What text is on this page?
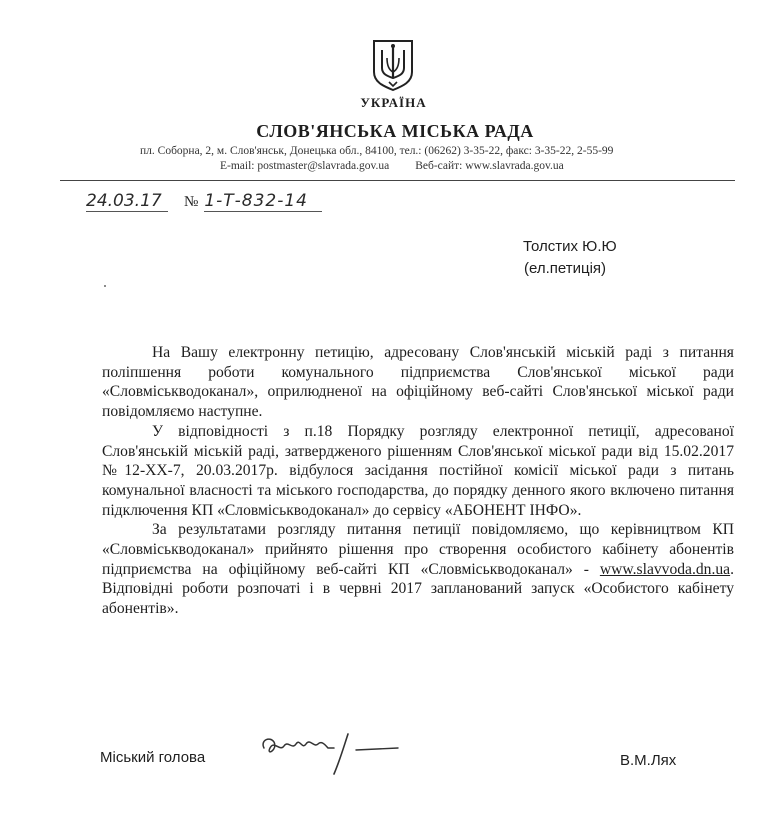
УКРАЇНА
СЛОВ'ЯНСЬКА МІСЬКА РАДА
пл. Соборна, 2, м. Слов'янськ, Донецька обл., 84100, тел.: (06262) 3-35-22, факс: 3-35-22, 2-55-99
E-mail: postmaster@slavrada.gov.ua Веб-сайт: www.slavrada.gov.ua
24.03.17 № 1-Т-832-14
Толстих Ю.Ю
(ел.петиція)

На Вашу електронну петицію, адресовану Слов'янській міській раді з питання поліпшення роботи комунального підприємства Слов'янської міської ради «Словміськводоканал», оприлюдненої на офіційному веб-сайті Слов'янської міської ради повідомляємо наступне.

У відповідності з п.18 Порядку розгляду електронної петиції, адресованої Слов'янській міській раді, затвердженого рішенням Слов'янської міської ради від 15.02.2017 №12-ХХ-7, 20.03.2017р. відбулося засідання постійної комісії міської ради з питань комунальної власності та міського господарства, до порядку денного якого включено питання підключення КП «Словміськводоканал» до сервісу «АБОНЕНТ ІНФО».

За результатами розгляду питання петиції повідомляємо, що керівництвом КП «Словміськводоканал» прийнято рішення про створення особистого кабінету абонентів підприємства на офіційному веб-сайті КП «Словміськводоканал» - www.slavvoda.dn.ua. Відповідні роботи розпочаті і в червні 2017 запланований запуск «Особистого кабінету абонентів».

Міський голова	В.М.Лях
